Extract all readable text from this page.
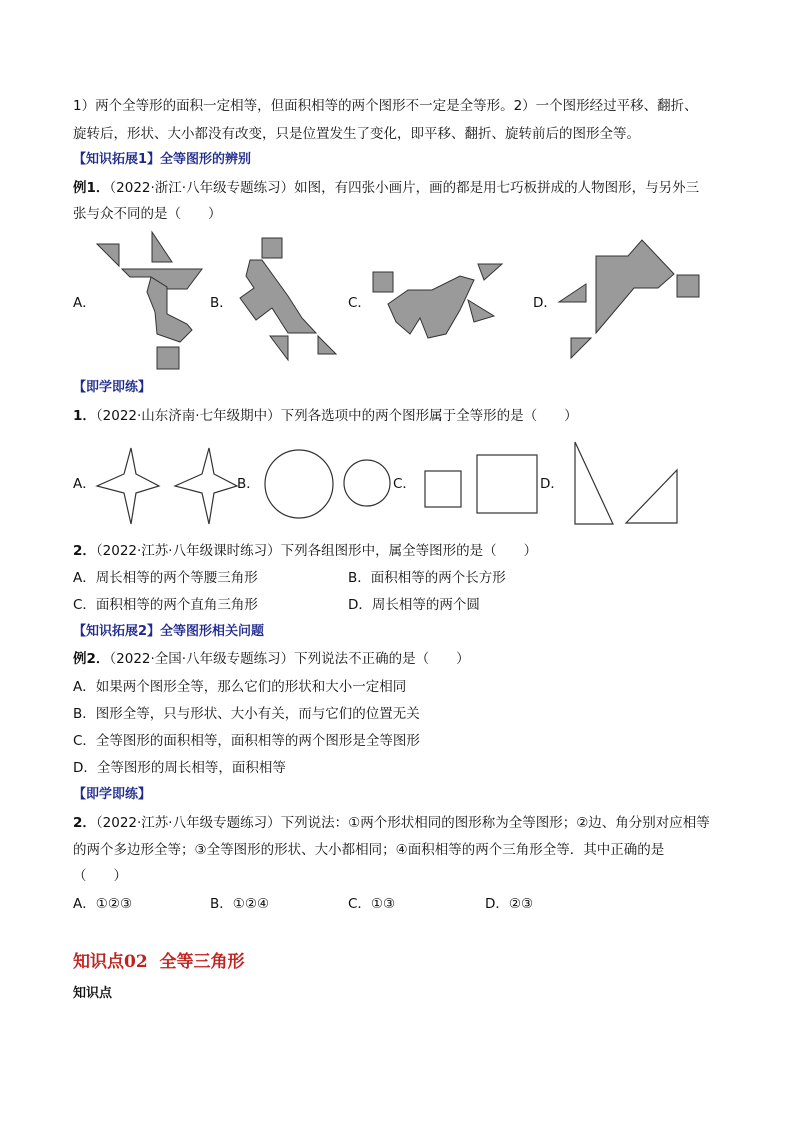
1）两个全等形的面积一定相等，但面积相等的两个图形不一定是全等形。2）一个图形经过平移、翻折、
旋转后，形状、大小都没有改变，只是位置发生了变化，即平移、翻折、旋转前后的图形全等。
【知识拓展1】全等图形的辨别
例1．（2022·浙江·八年级专题练习）如图，有四张小画片，画的都是用七巧板拼成的人物图形，与另外三
张与众不同的是（　　）
A．	B．	C．	D．
【即学即练】
1．（2022·山东济南·七年级期中）下列各选项中的两个图形属于全等形的是（　　）
A．	B．	C．	D．
2．（2022·江苏·八年级课时练习）下列各组图形中，属全等图形的是（　　）
A．周长相等的两个等腰三角形	B．面积相等的两个长方形
C．面积相等的两个直角三角形	D．周长相等的两个圆
【知识拓展2】全等图形相关问题
例2．（2022·全国·八年级专题练习）下列说法不正确的是（　　）
A．如果两个图形全等，那么它们的形状和大小一定相同
B．图形全等，只与形状、大小有关，而与它们的位置无关
C．全等图形的面积相等，面积相等的两个图形是全等图形
D．全等图形的周长相等，面积相等
【即学即练】
2．（2022·江苏·八年级专题练习）下列说法：①两个形状相同的图形称为全等图形；②边、角分别对应相等
的两个多边形全等；③全等图形的形状、大小都相同；④面积相等的两个三角形全等．其中正确的是
（　　）
A．①②③	B．①②④	C．①③	D．②③
知识点02  全等三角形
知识点
